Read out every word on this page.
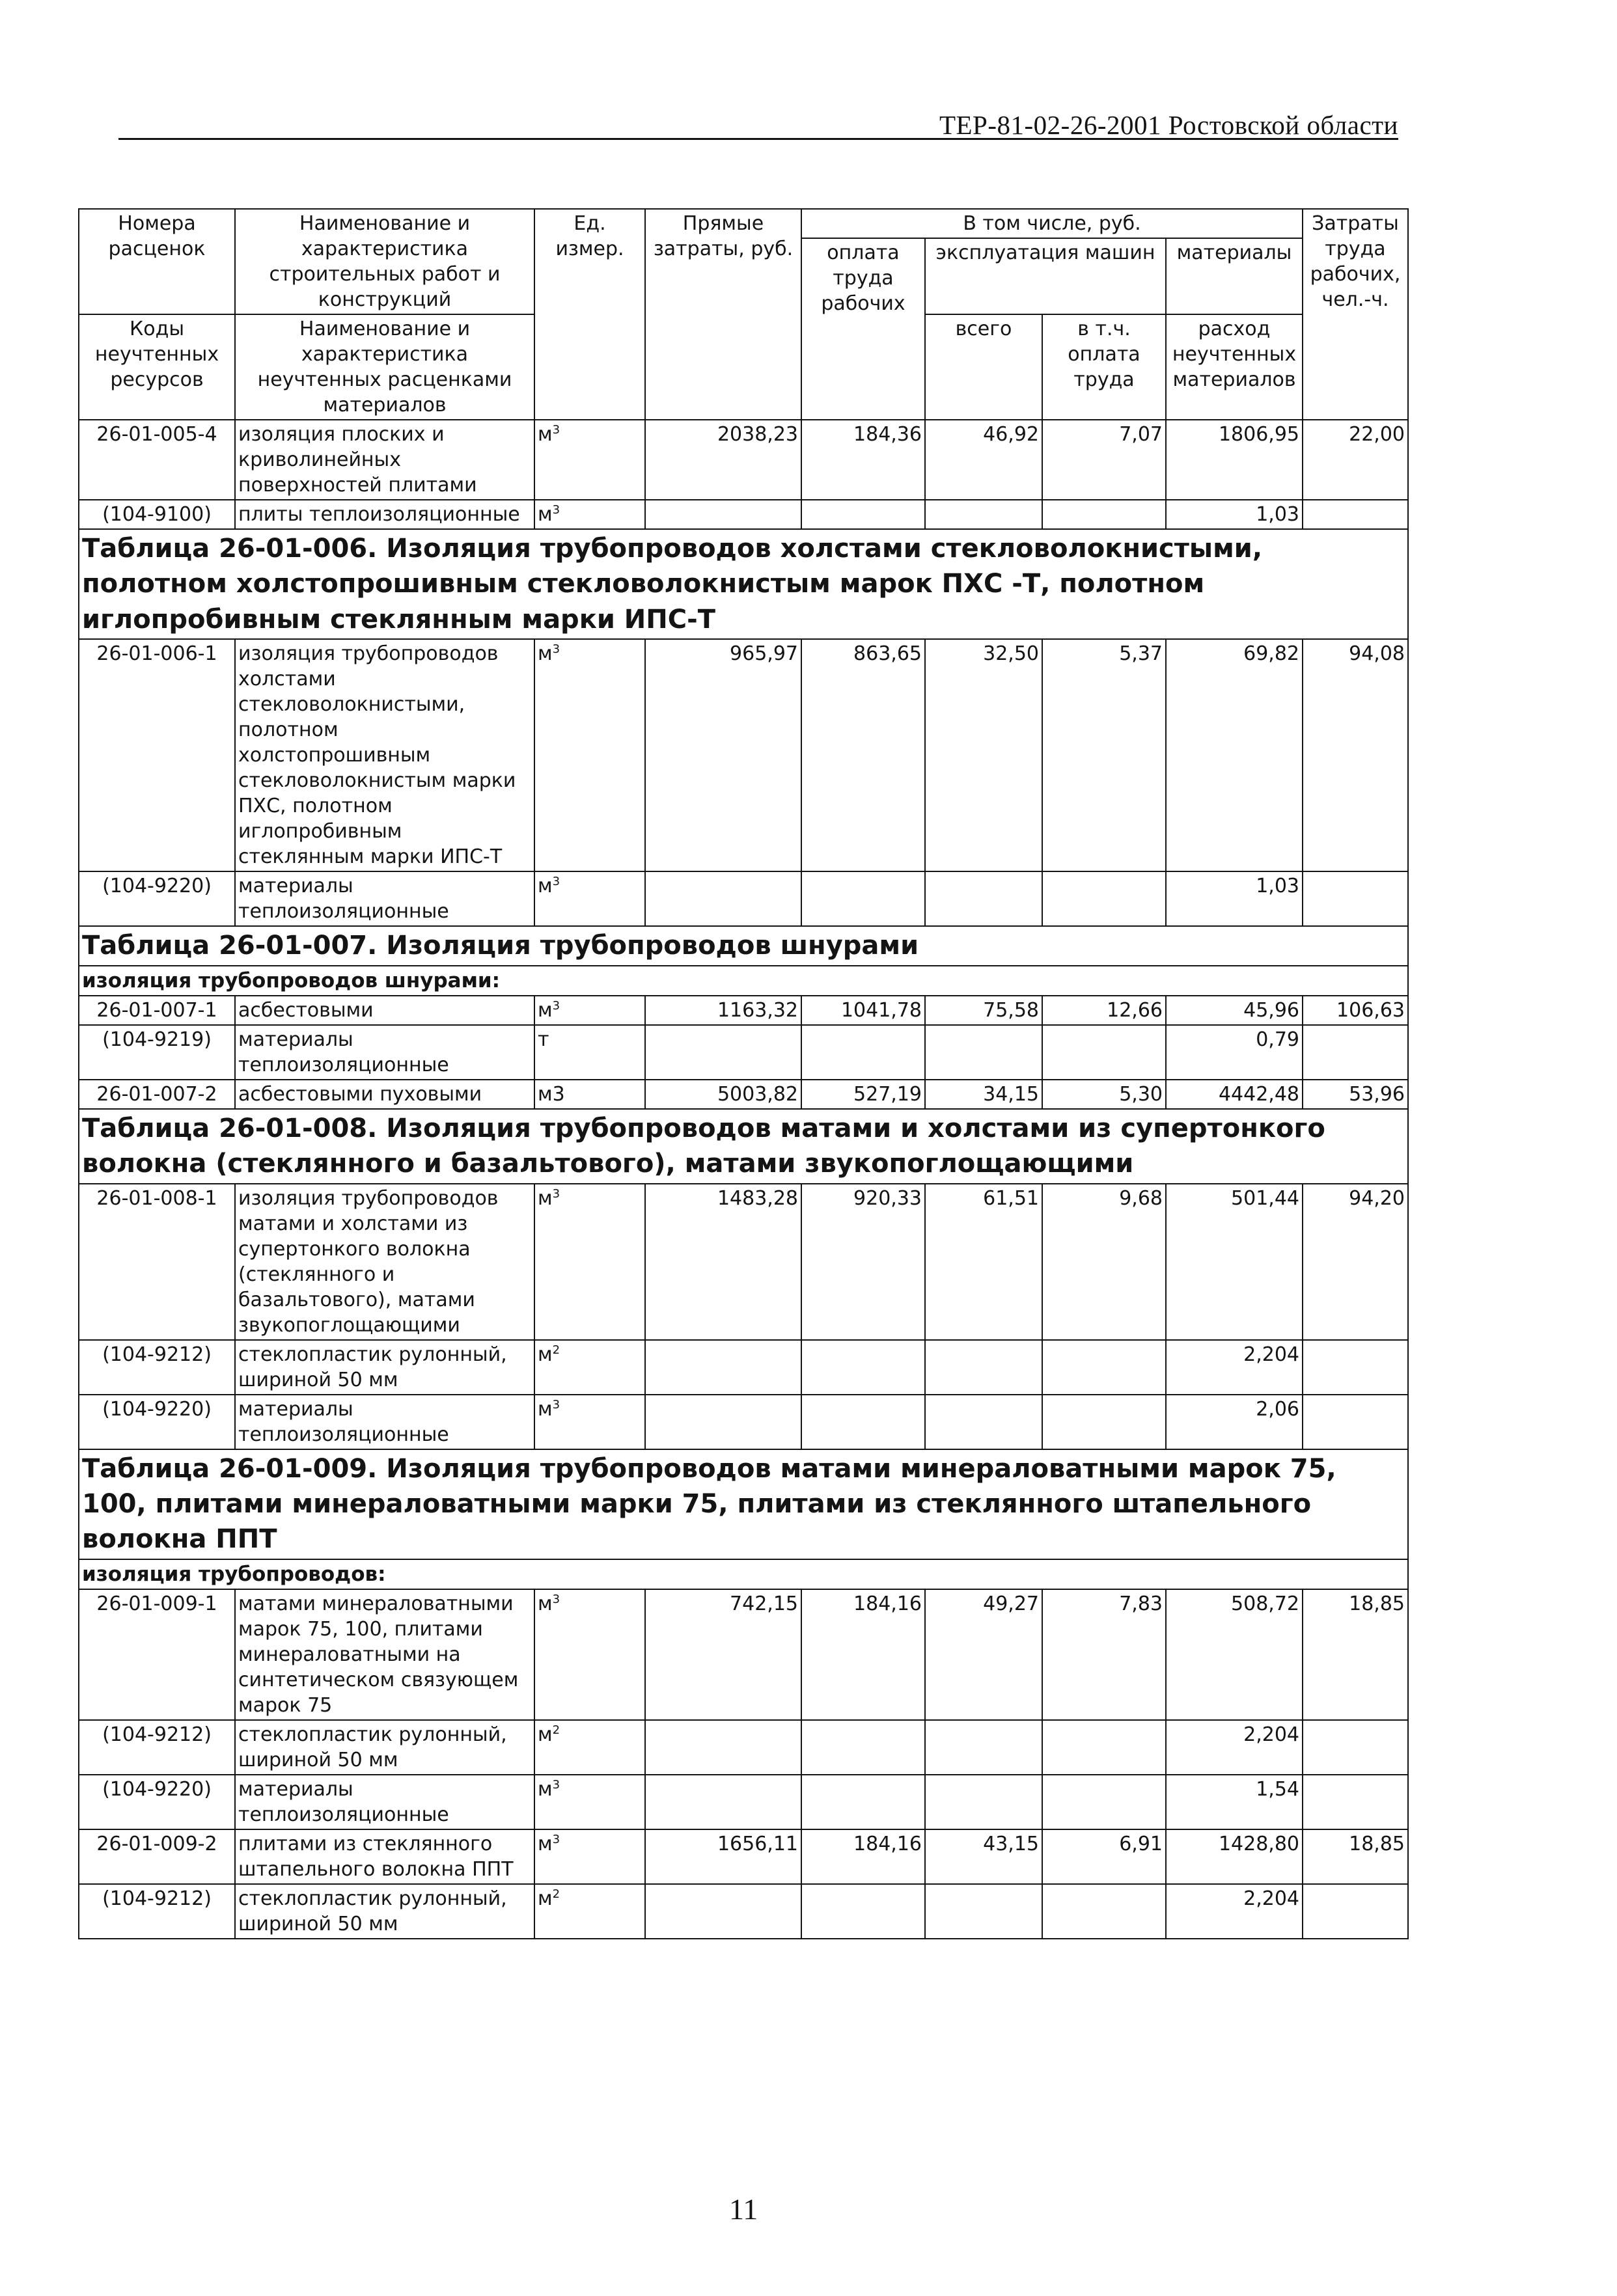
ТЕР-81-02-26-2001 Ростовской области
Номера расценок	Наименование и характеристика строительных работ и конструкций	Ед. измер.	Прямые затраты, руб.	В том числе, руб.				Затраты труда рабочих, чел.-ч.
				оплата труда рабочих	эксплуатация машин		материалы	
Коды неучтенных ресурсов	Наименование и характеристика неучтенных расценками материалов				всего	в т.ч. оплата труда	расход неучтенных материалов	

26-01-005-4	изоляция плоских и криволинейных поверхностей плитами	$м^3$	2038,23	184,36	46,92	7,07	1806,95	22,00
(104-9100)	плиты теплоизоляционные	$м^3$					1,03	
Таблица 26-01-006. Изоляция трубопроводов холстами стекловолокнистыми, полотном холстопрошивным стекловолокнистым марок ПХС -Т, полотном иглопробивным стеклянным марки ИПС-Т								
26-01-006-1	изоляция трубопроводов холстами стекловолокнистыми, полотном холстопрошивным стекловолокнистым марки ПХС, полотном иглопробивным стеклянным марки ИПС-Т	$м^3$	965,97	863,65	32,50	5,37	69,82	94,08
(104-9220)	материалы теплоизоляционные	$м^3$					1,03	
Таблица 26-01-007. Изоляция трубопроводов шнурами								
изоляция трубопроводов шнурами:								
26-01-007-1	асбестовыми	$м^3$	1163,32	1041,78	75,58	12,66	45,96	106,63
(104-9219)	материалы теплоизоляционные	т					0,79	
26-01-007-2	асбестовыми пуховыми	м3	5003,82	527,19	34,15	5,30	4442,48	53,96
Таблица 26-01-008. Изоляция трубопроводов матами и холстами из супертонкого волокна (стеклянного и базальтового), матами звукопоглощающими								
26-01-008-1	изоляция трубопроводов матами и холстами из супертонкого волокна (стеклянного и базальтового), матами звукопоглощающими	$м^3$	1483,28	920,33	61,51	9,68	501,44	94,20
(104-9212)	стеклопластик рулонный, шириной 50 мм	$м^2$					2,204	
(104-9220)	материалы теплоизоляционные	$м^3$					2,06	
Таблица 26-01-009. Изоляция трубопроводов матами минераловатными марок 75, 100, плитами минераловатными марки 75, плитами из стеклянного штапельного волокна ППТ								
изоляция трубопроводов:								
26-01-009-1	матами минераловатными марок 75, 100, плитами минераловатными на синтетическом связующем марок 75	$м^3$	742,15	184,16	49,27	7,83	508,72	18,85
(104-9212)	стеклопластик рулонный, шириной 50 мм	$м^2$					2,204	
(104-9220)	материалы теплоизоляционные	$м^3$					1,54	
26-01-009-2	плитами из стеклянного штапельного волокна ППТ	$м^3$	1656,11	184,16	43,15	6,91	1428,80	18,85
(104-9212)	стеклопластик рулонный, шириной 50 мм	$м^2$					2,204	
11
